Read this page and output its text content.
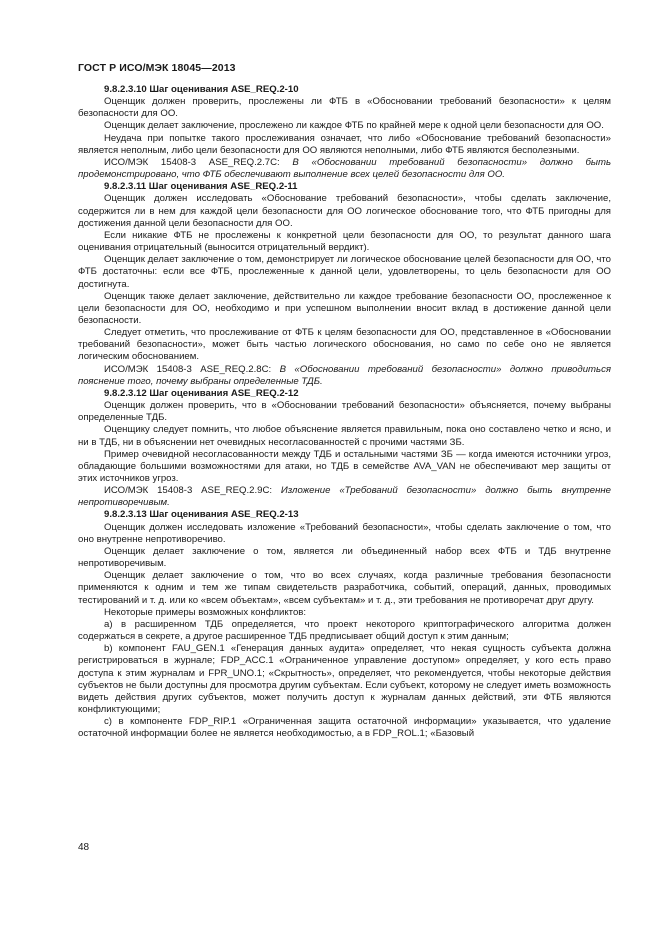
ГОСТ Р ИСО/МЭК 18045—2013

9.8.2.3.10 Шаг оценивания ASE_REQ.2-10

Оценщик должен проверить, прослежены ли ФТБ в «Обосновании требований безопасности» к целям безопасности для ОО.

Оценщик делает заключение, прослежено ли каждое ФТБ по крайней мере к одной цели безопасности для ОО.

Неудача при попытке такого прослеживания означает, что либо «Обоснование требований безопасности» является неполным, либо цели безопасности для ОО являются неполными, либо ФТБ являются бесполезными.

ИСО/МЭК 15408-3 ASE_REQ.2.7С: В «Обосновании требований безопасности» должно быть продемонстрировано, что ФТБ обеспечивают выполнение всех целей безопасности для ОО.

9.8.2.3.11 Шаг оценивания ASE_REQ.2-11

Оценщик должен исследовать «Обоснование требований безопасности», чтобы сделать заключение, содержится ли в нем для каждой цели безопасности для ОО логическое обоснование того, что ФТБ пригодны для достижения данной цели безопасности для ОО.

Если никакие ФТБ не прослежены к конкретной цели безопасности для ОО, то результат данного шага оценивания отрицательный (выносится отрицательный вердикт).

Оценщик делает заключение о том, демонстрирует ли логическое обоснование целей безопасности для ОО, что ФТБ достаточны: если все ФТБ, прослеженные к данной цели, удовлетворены, то цель безопасности для ОО достигнута.

Оценщик также делает заключение, действительно ли каждое требование безопасности ОО, прослеженное к цели безопасности для ОО, необходимо и при успешном выполнении вносит вклад в достижение данной цели безопасности.

Следует отметить, что прослеживание от ФТБ к целям безопасности для ОО, представленное в «Обосновании требований безопасности», может быть частью логического обоснования, но само по себе оно не является логическим обоснованием.

ИСО/МЭК 15408-3 ASE_REQ.2.8С: В «Обосновании требований безопасности» должно приводиться пояснение того, почему выбраны определенные ТДБ.

9.8.2.3.12 Шаг оценивания ASE_REQ.2-12

Оценщик должен проверить, что в «Обосновании требований безопасности» объясняется, почему выбраны определенные ТДБ.

Оценщику следует помнить, что любое объяснение является правильным, пока оно составлено четко и ясно, и ни в ТДБ, ни в объяснении нет очевидных несогласованностей с прочими частями ЗБ.

Пример очевидной несогласованности между ТДБ и остальными частями ЗБ — когда имеются источники угроз, обладающие большими возможностями для атаки, но ТДБ в семействе AVA_VAN не обеспечивают мер защиты от этих источников угроз.

ИСО/МЭК 15408-3 ASE_REQ.2.9С: Изложение «Требований безопасности» должно быть внутренне непротиворечивым.

9.8.2.3.13 Шаг оценивания ASE_REQ.2-13

Оценщик должен исследовать изложение «Требований безопасности», чтобы сделать заключение о том, что оно внутренне непротиворечиво.

Оценщик делает заключение о том, является ли объединенный набор всех ФТБ и ТДБ внутренне непротиворечивым.

Оценщик делает заключение о том, что во всех случаях, когда различные требования безопасности применяются к одним и тем же типам свидетельств разработчика, событий, операций, данных, проводимых тестирований и т. д. или ко «всем объектам», «всем субъектам» и т. д., эти требования не противоречат друг другу.

Некоторые примеры возможных конфликтов:

а) в расширенном ТДБ определяется, что проект некоторого криптографического алгоритма должен содержаться в секрете, а другое расширенное ТДБ предписывает общий доступ к этим данным;

b) компонент FAU_GEN.1 «Генерация данных аудита» определяет, что некая сущность субъекта должна регистрироваться в журнале; FDP_ACC.1 «Ограниченное управление доступом» определяет, у кого есть право доступа к этим журналам и FPR_UNO.1; «Скрытность», определяет, что рекомендуется, чтобы некоторые действия субъектов не были доступны для просмотра другим субъектам. Если субъект, которому не следует иметь возможность видеть действия других субъектов, может получить доступ к журналам данных действий, эти ФТБ являются конфликтующими;

с) в компоненте FDP_RIP.1 «Ограниченная защита остаточной информации» указывается, что удаление остаточной информации более не является необходимостью, а в FDP_ROL.1; «Базовый

48
